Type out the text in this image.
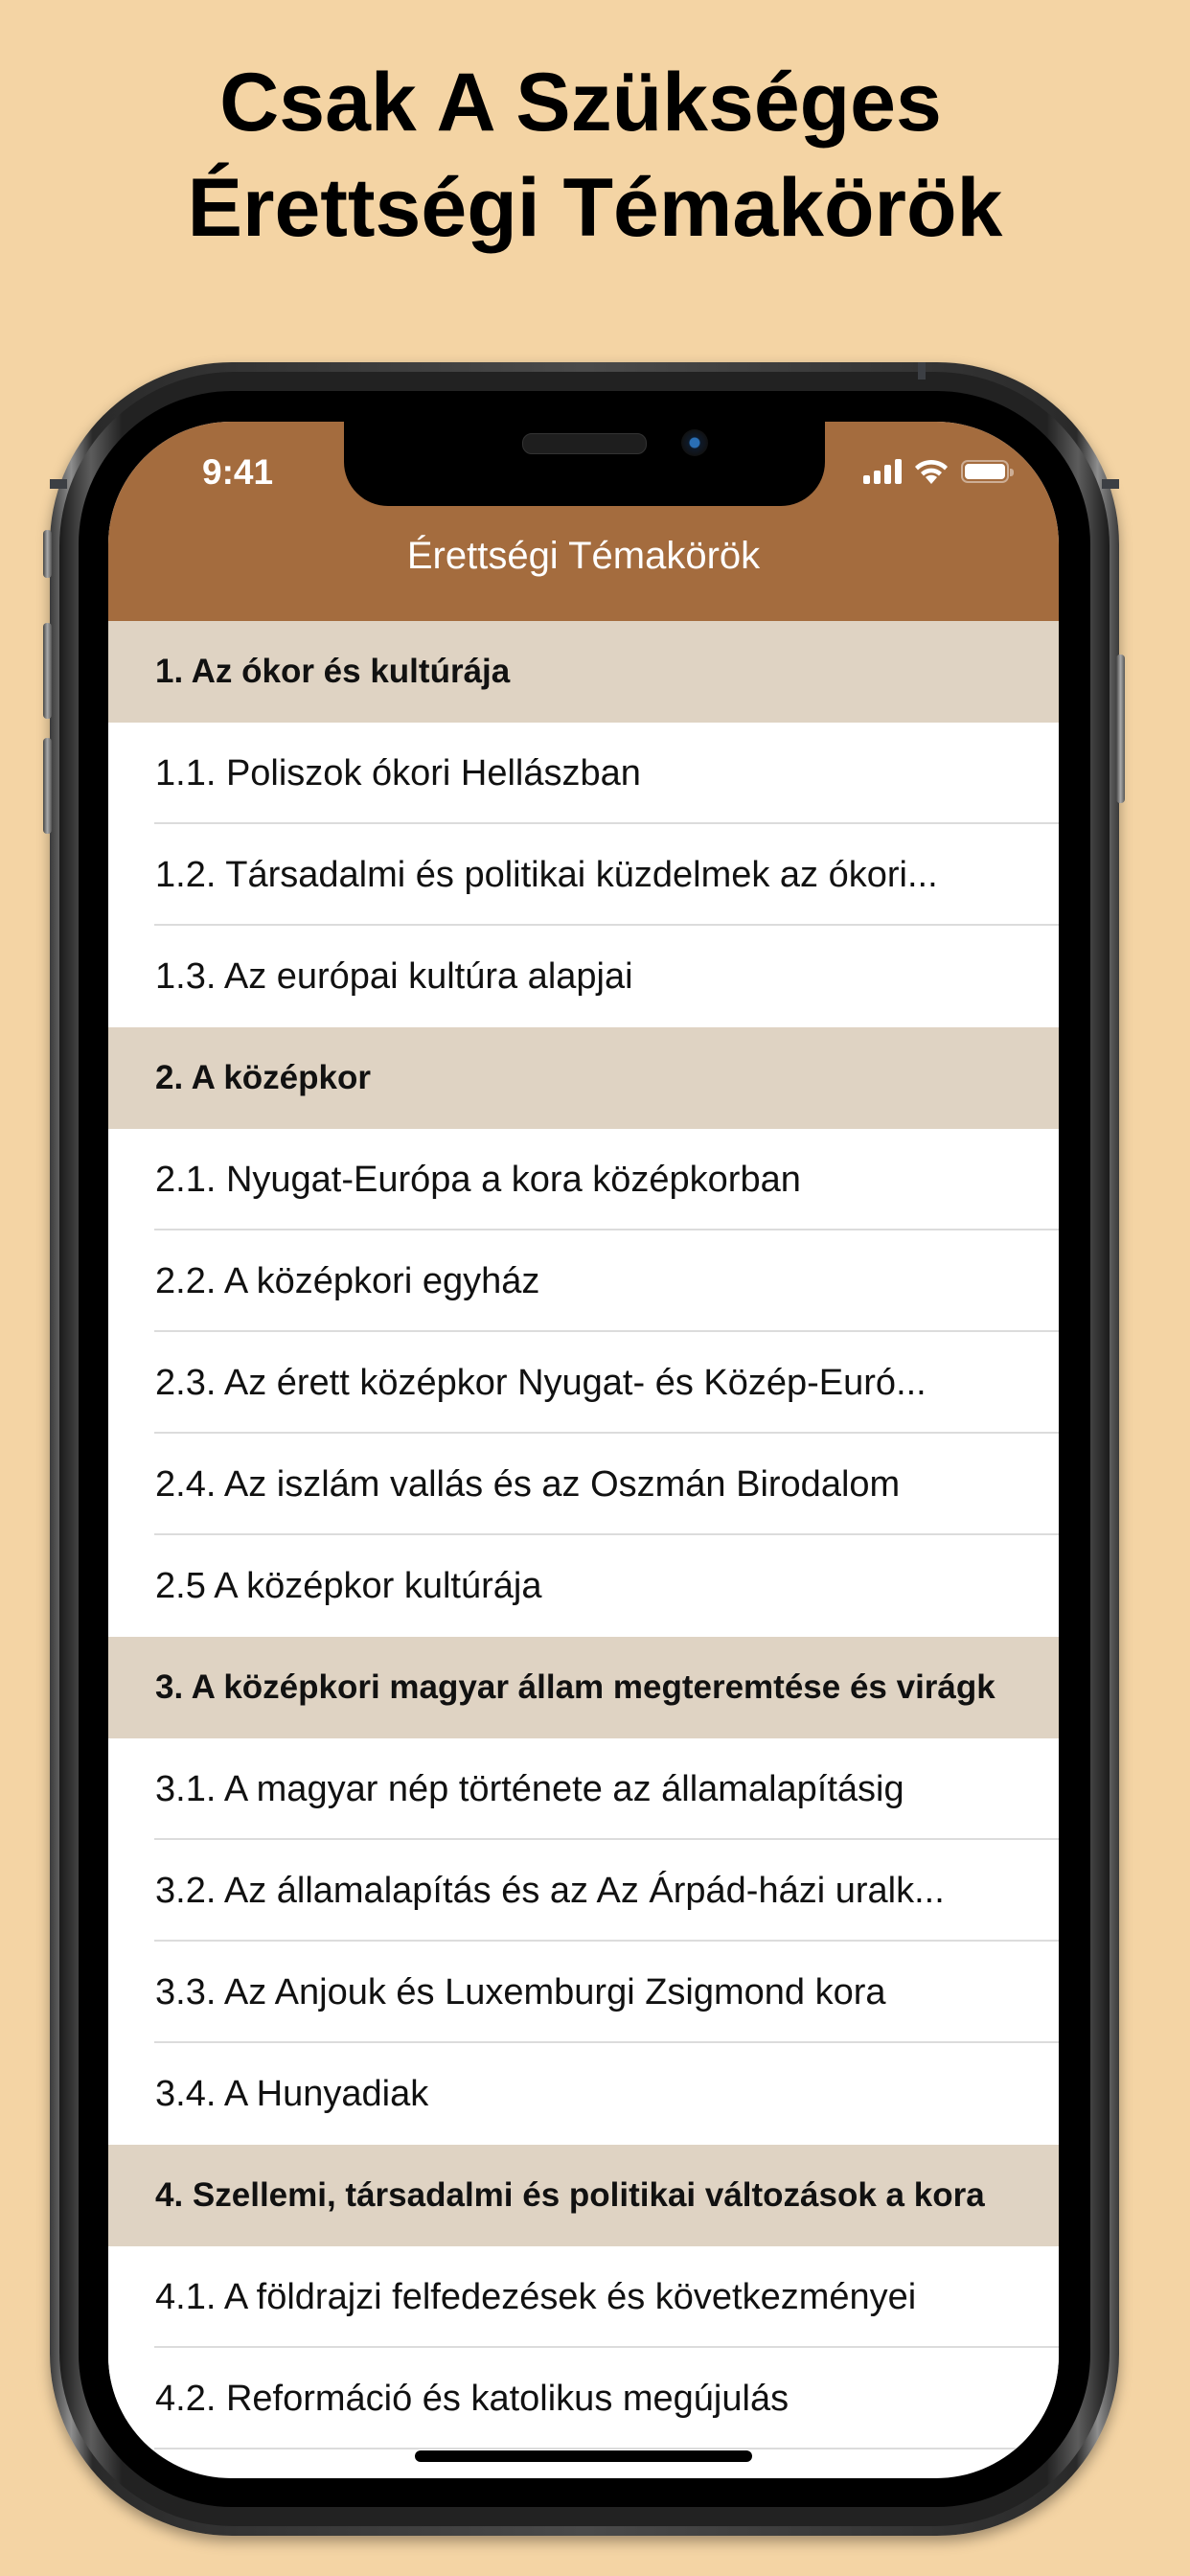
Csak A Szükséges
Érettségi Témakörök
9:41
Érettségi Témakörök
1. Az ókor és kultúrája
1.1. Poliszok ókori Hellászban
1.2. Társadalmi és politikai küzdelmek az ókori...
1.3. Az európai kultúra alapjai
2. A középkor
2.1. Nyugat-Európa a kora középkorban
2.2. A középkori egyház
2.3. Az érett középkor Nyugat- és Közép-Euró...
2.4. Az iszlám vallás és az Oszmán Birodalom
2.5 A középkor kultúrája
3. A középkori magyar állam megteremtése és virágk
3.1. A magyar nép története az államalapításig
3.2. Az államalapítás és az Az Árpád-házi uralk...
3.3. Az Anjouk és Luxemburgi Zsigmond kora
3.4. A Hunyadiak
4. Szellemi, társadalmi és politikai változások a kora
4.1. A földrajzi felfedezések és következményei
4.2. Reformáció és katolikus megújulás
